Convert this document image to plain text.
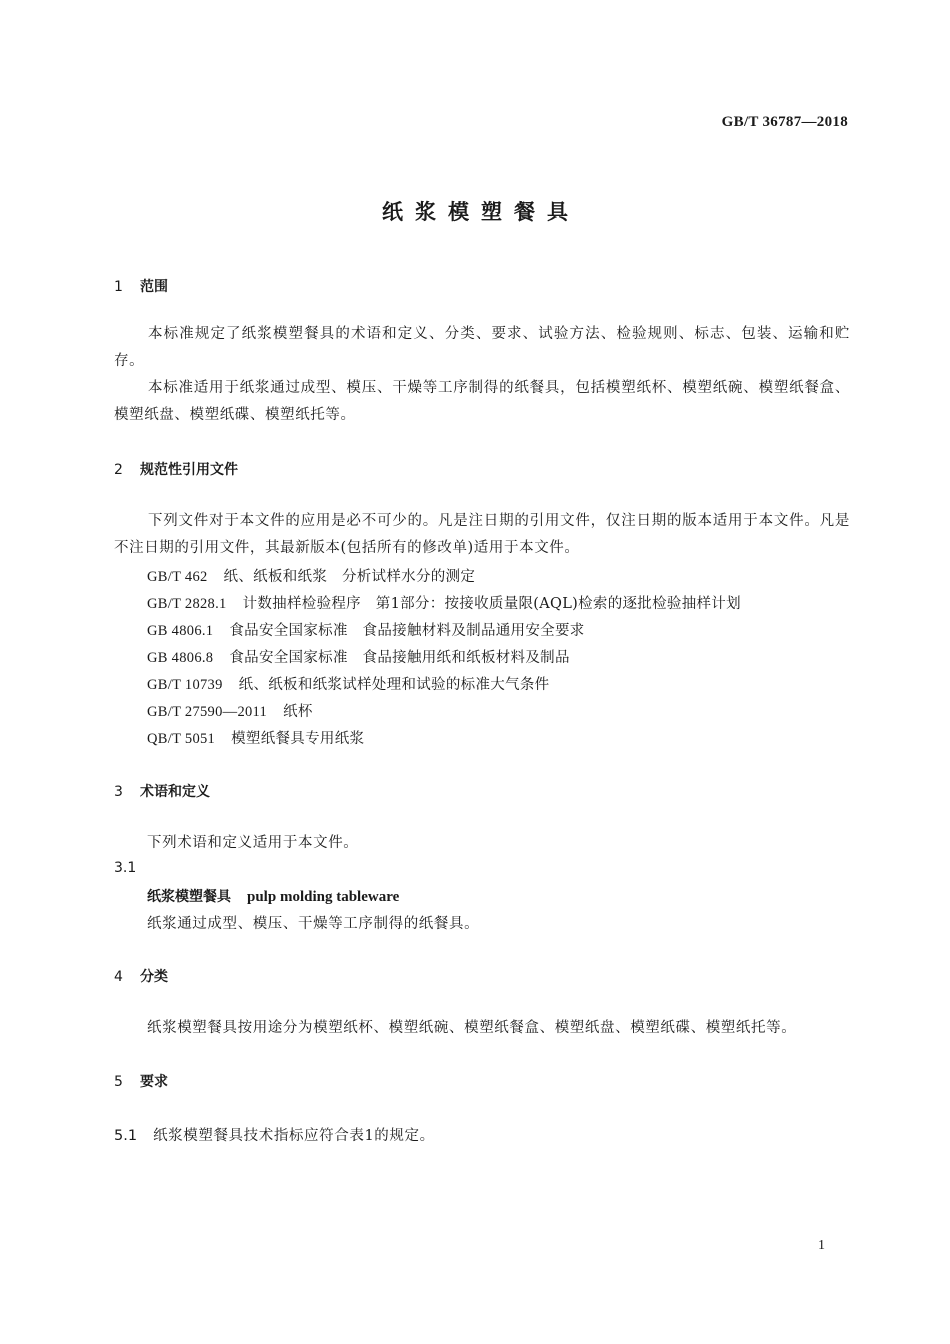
GB/T 36787—2018
纸浆模塑餐具
1 范围
本标准规定了纸浆模塑餐具的术语和定义、分类、要求、试验方法、检验规则、标志、包装、运输和贮存。
本标准适用于纸浆通过成型、模压、干燥等工序制得的纸餐具，包括模塑纸杯、模塑纸碗、模塑纸餐盒、模塑纸盘、模塑纸碟、模塑纸托等。
2 规范性引用文件
下列文件对于本文件的应用是必不可少的。凡是注日期的引用文件，仅注日期的版本适用于本文件。凡是不注日期的引用文件，其最新版本(包括所有的修改单)适用于本文件。
GB/T 462 纸、纸板和纸浆　分析试样水分的测定
GB/T 2828.1 计数抽样检验程序　第1部分：按接收质量限(AQL)检索的逐批检验抽样计划
GB 4806.1 食品安全国家标准　食品接触材料及制品通用安全要求
GB 4806.8 食品安全国家标准　食品接触用纸和纸板材料及制品
GB/T 10739 纸、纸板和纸浆试样处理和试验的标准大气条件
GB/T 27590—2011 纸杯
QB/T 5051 模塑纸餐具专用纸浆
3 术语和定义
下列术语和定义适用于本文件。
3.1
纸浆模塑餐具 pulp molding tableware
纸浆通过成型、模压、干燥等工序制得的纸餐具。
4 分类
纸浆模塑餐具按用途分为模塑纸杯、模塑纸碗、模塑纸餐盒、模塑纸盘、模塑纸碟、模塑纸托等。
5 要求
5.1 纸浆模塑餐具技术指标应符合表1的规定。
1
